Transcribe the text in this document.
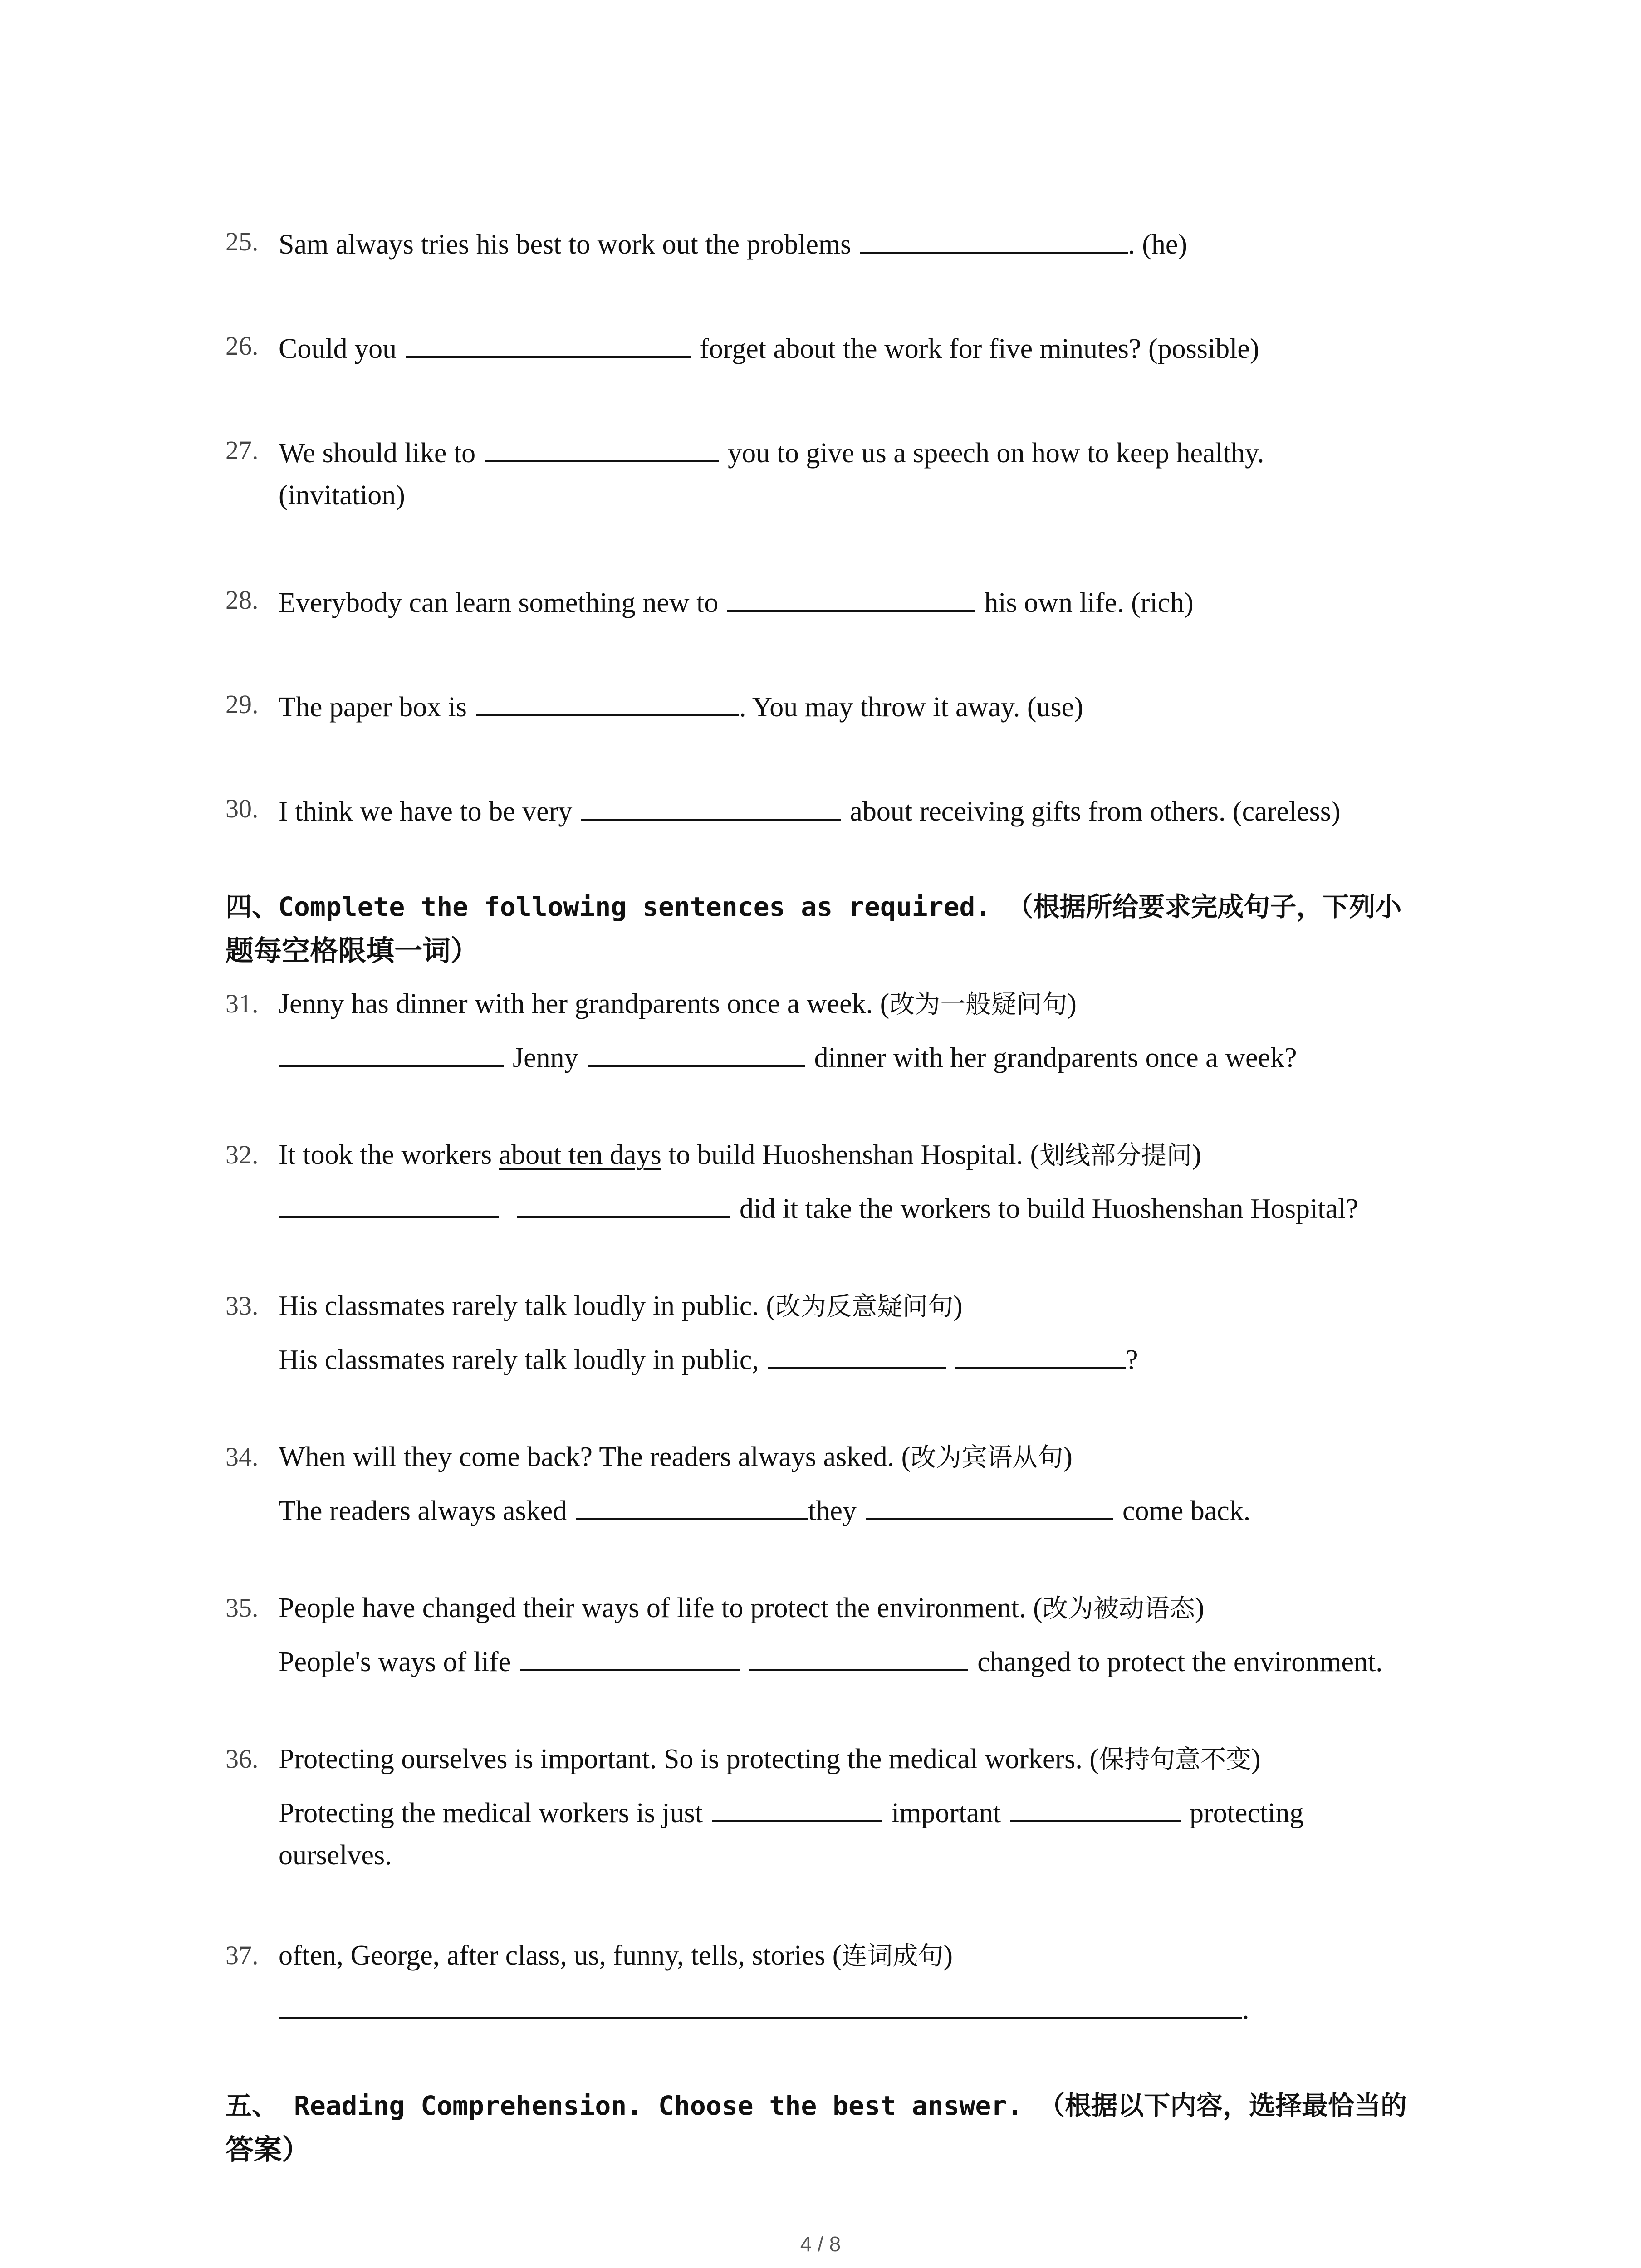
25. Sam always tries his best to work out the problems	. (he)
26. Could you	forget about the work for five minutes? (possible)
27. We should like to	you to give us a speech on how to keep healthy.
(invitation)
28. Everybody can learn something new to	his own life. (rich)
29. The paper box is	. You may throw it away. (use)
30. I think we have to be very	about receiving gifts from others. (careless)
四、Complete the following sentences as required. （根据所给要求完成句子，下列小
题每空格限填一词）
31. Jenny has dinner with her grandparents once a week. (改为一般疑问句)
Jenny	dinner with her grandparents once a week?
32. It took the workers about ten days to build Huoshenshan Hospital. (划线部分提问)
did it take the workers to build Huoshenshan Hospital?
33. His classmates rarely talk loudly in public. (改为反意疑问句)
His classmates rarely talk loudly in public,	?
34. When will they come back? The readers always asked. (改为宾语从句)
The readers always asked	they	come back.
35. People have changed their ways of life to protect the environment. (改为被动语态)
People's ways of life	changed to protect the environment.
36. Protecting ourselves is important. So is protecting the medical workers. (保持句意不变)
Protecting the medical workers is just	important	protecting
ourselves.
37. often, George, after class, us, funny, tells, stories (连词成句)
.
五、 Reading Comprehension. Choose the best answer. （根据以下内容，选择最恰当的
答案）
4 / 8
